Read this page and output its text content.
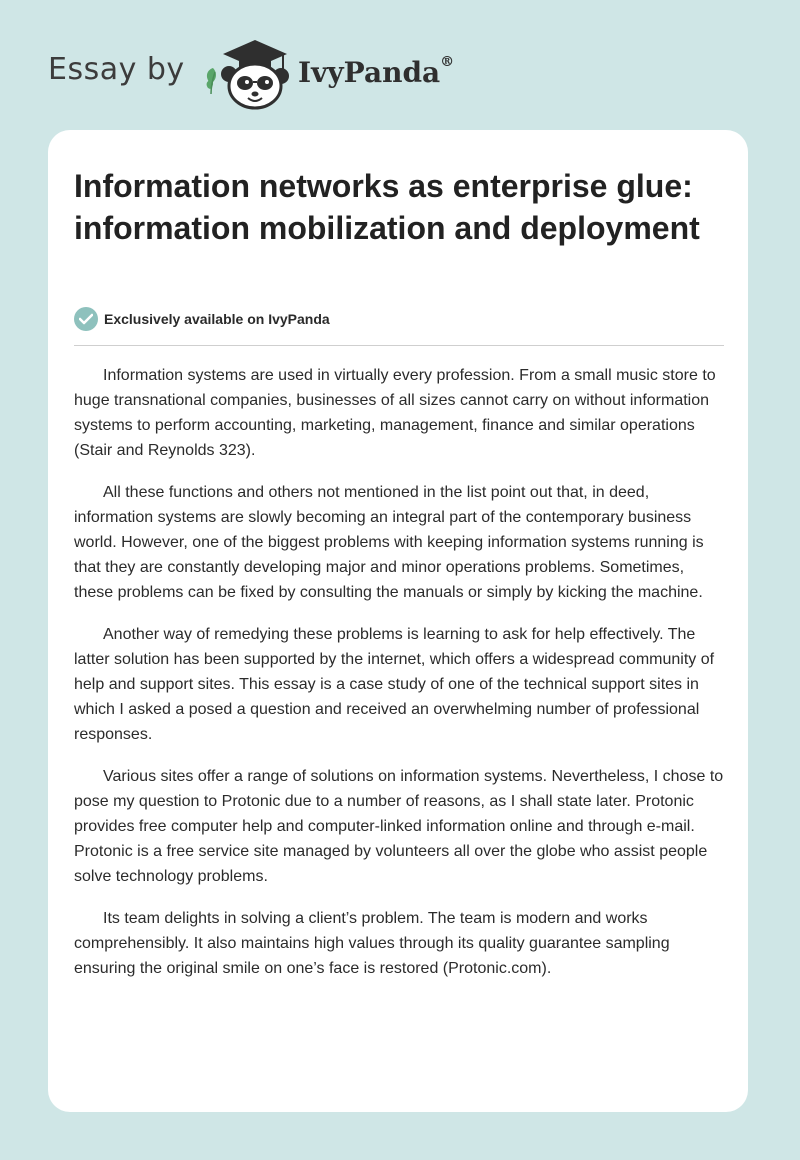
Essay by	IvyPanda®
Information networks as enterprise glue: information mobilization and deployment
Exclusively available on IvyPanda

Information systems are used in virtually every profession. From a small music store to huge transnational companies, businesses of all sizes cannot carry on without information systems to perform accounting, marketing, management, finance and similar operations (Stair and Reynolds 323).

All these functions and others not mentioned in the list point out that, in deed, information systems are slowly becoming an integral part of the contemporary business world. However, one of the biggest problems with keeping information systems running is that they are constantly developing major and minor operations problems. Sometimes, these problems can be fixed by consulting the manuals or simply by kicking the machine.

Another way of remedying these problems is learning to ask for help effectively. The latter solution has been supported by the internet, which offers a widespread community of help and support sites. This essay is a case study of one of the technical support sites in which I asked a posed a question and received an overwhelming number of professional responses.

Various sites offer a range of solutions on information systems. Nevertheless, I chose to pose my question to Protonic due to a number of reasons, as I shall state later. Protonic provides free computer help and computer-linked information online and through e-mail. Protonic is a free service site managed by volunteers all over the globe who assist people solve technology problems.

Its team delights in solving a client’s problem. The team is modern and works comprehensibly. It also maintains high values through its quality guarantee sampling ensuring the original smile on one’s face is restored (Protonic.com).
